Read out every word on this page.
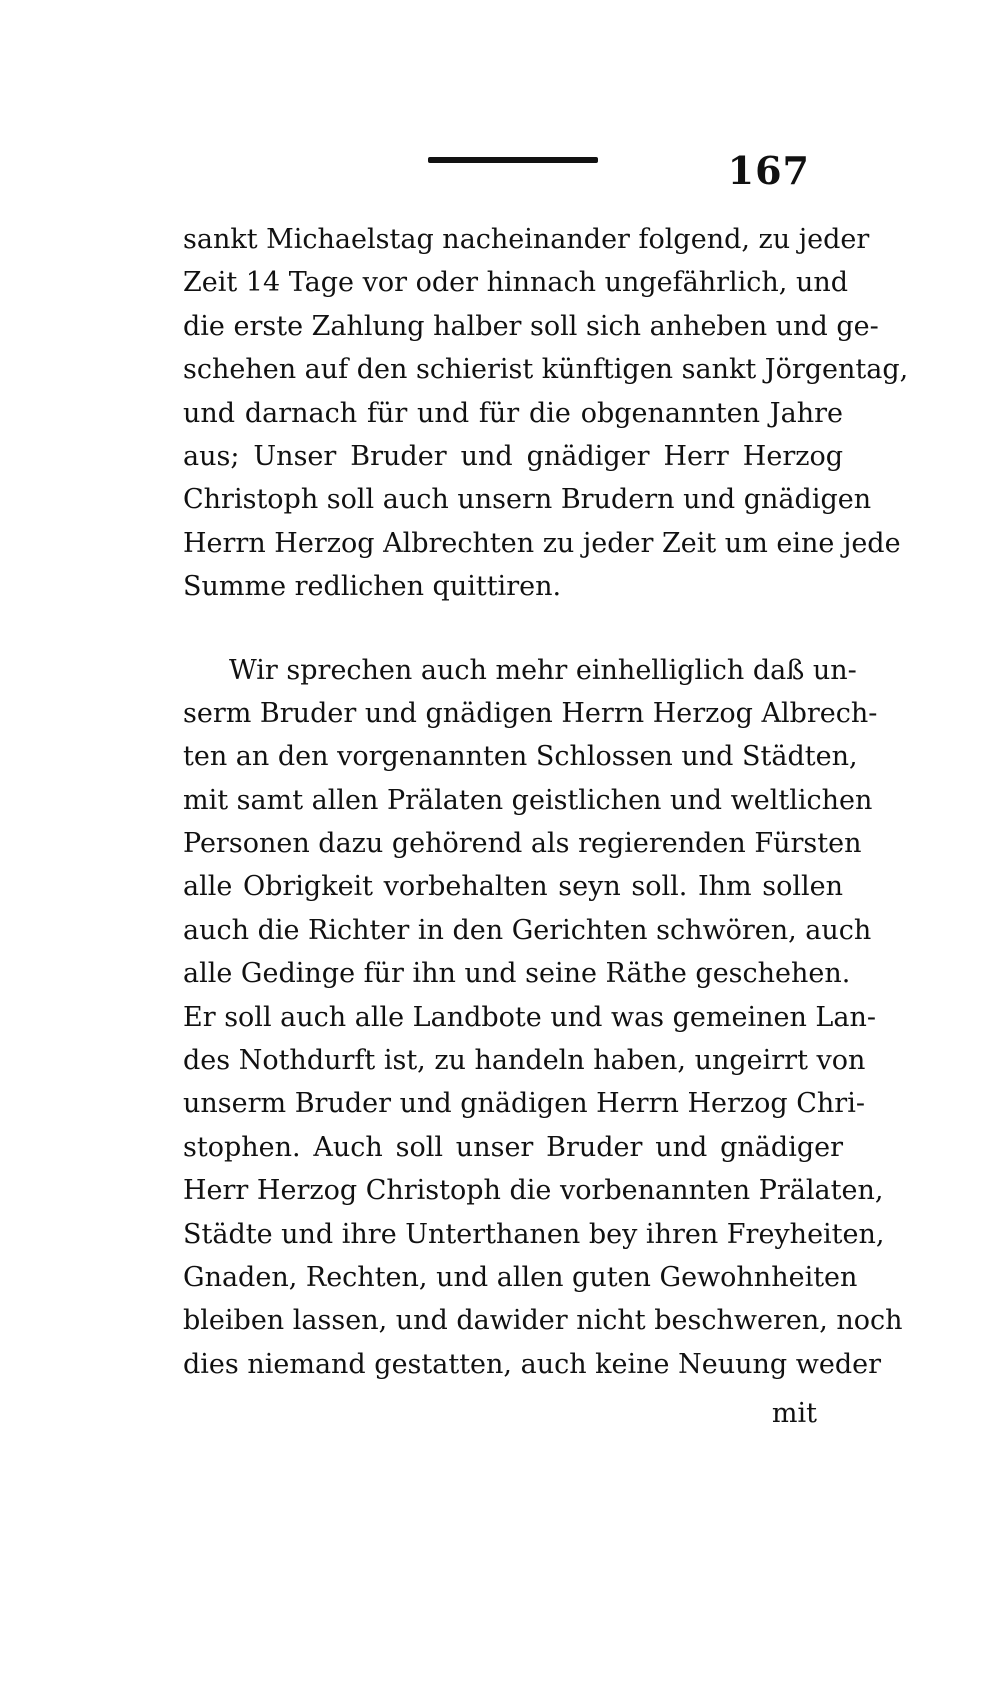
167
sankt Michaelstag nacheinander folgend, zu jeder
Zeit 14 Tage vor oder hinnach ungefährlich, und
die erste Zahlung halber soll sich anheben und ge-
schehen auf den schierist künftigen sankt Jörgentag,
und darnach für und für die obgenannten Jahre
aus; Unser Bruder und gnädiger Herr Herzog
Christoph soll auch unsern Brudern und gnädigen
Herrn Herzog Albrechten zu jeder Zeit um eine jede
Summe redlichen quittiren.
Wir sprechen auch mehr einhelliglich daß un-
serm Bruder und gnädigen Herrn Herzog Albrech-
ten an den vorgenannten Schlossen und Städten,
mit samt allen Prälaten geistlichen und weltlichen
Personen dazu gehörend als regierenden Fürsten
alle Obrigkeit vorbehalten seyn soll. Ihm sollen
auch die Richter in den Gerichten schwören, auch
alle Gedinge für ihn und seine Räthe geschehen.
Er soll auch alle Landbote und was gemeinen Lan-
des Nothdurft ist, zu handeln haben, ungeirrt von
unserm Bruder und gnädigen Herrn Herzog Chri-
stophen. Auch soll unser Bruder und gnädiger
Herr Herzog Christoph die vorbenannten Prälaten,
Städte und ihre Unterthanen bey ihren Freyheiten,
Gnaden, Rechten, und allen guten Gewohnheiten
bleiben lassen, und dawider nicht beschweren, noch
dies niemand gestatten, auch keine Neuung weder
mit
